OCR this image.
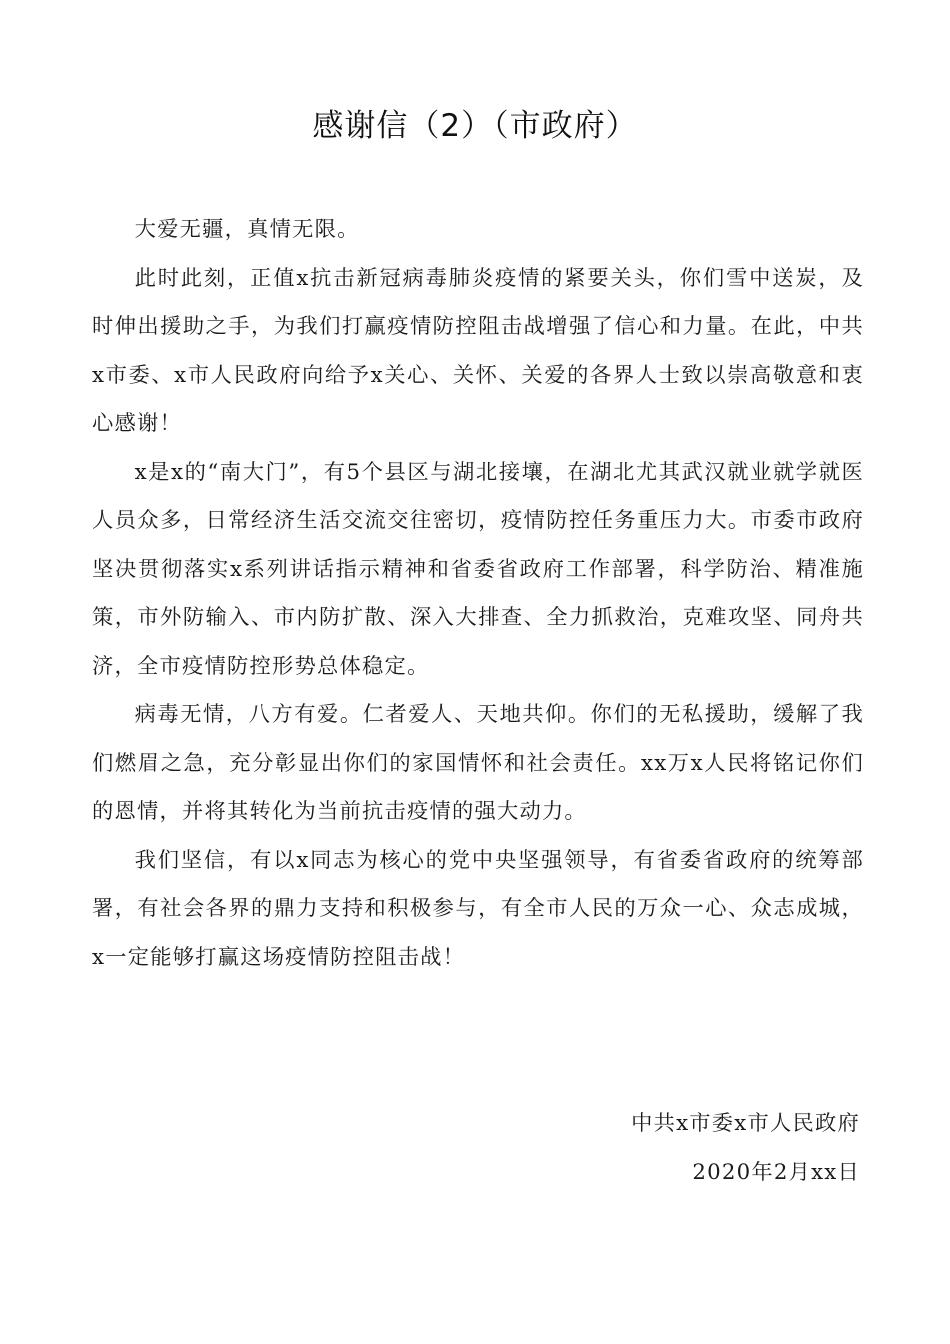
感谢信（2）（市政府）

大爱无疆，真情无限。

此时此刻，正值x抗击新冠病毒肺炎疫情的紧要关头，你们雪中送炭，及时伸出援助之手，为我们打赢疫情防控阻击战增强了信心和力量。在此，中共x市委、x市人民政府向给予x关心、关怀、关爱的各界人士致以崇高敬意和衷心感谢！

x是x的“南大门”，有5个县区与湖北接壤，在湖北尤其武汉就业就学就医人员众多，日常经济生活交流交往密切，疫情防控任务重压力大。市委市政府坚决贯彻落实x系列讲话指示精神和省委省政府工作部署，科学防治、精准施策，市外防输入、市内防扩散、深入大排查、全力抓救治，克难攻坚、同舟共济，全市疫情防控形势总体稳定。

病毒无情，八方有爱。仁者爱人、天地共仰。你们的无私援助，缓解了我们燃眉之急，充分彰显出你们的家国情怀和社会责任。xx万x人民将铭记你们的恩情，并将其转化为当前抗击疫情的强大动力。

我们坚信，有以x同志为核心的党中央坚强领导，有省委省政府的统筹部署，有社会各界的鼎力支持和积极参与，有全市人民的万众一心、众志成城，x一定能够打赢这场疫情防控阻击战！

中共x市委x市人民政府
2020年2月xx日
